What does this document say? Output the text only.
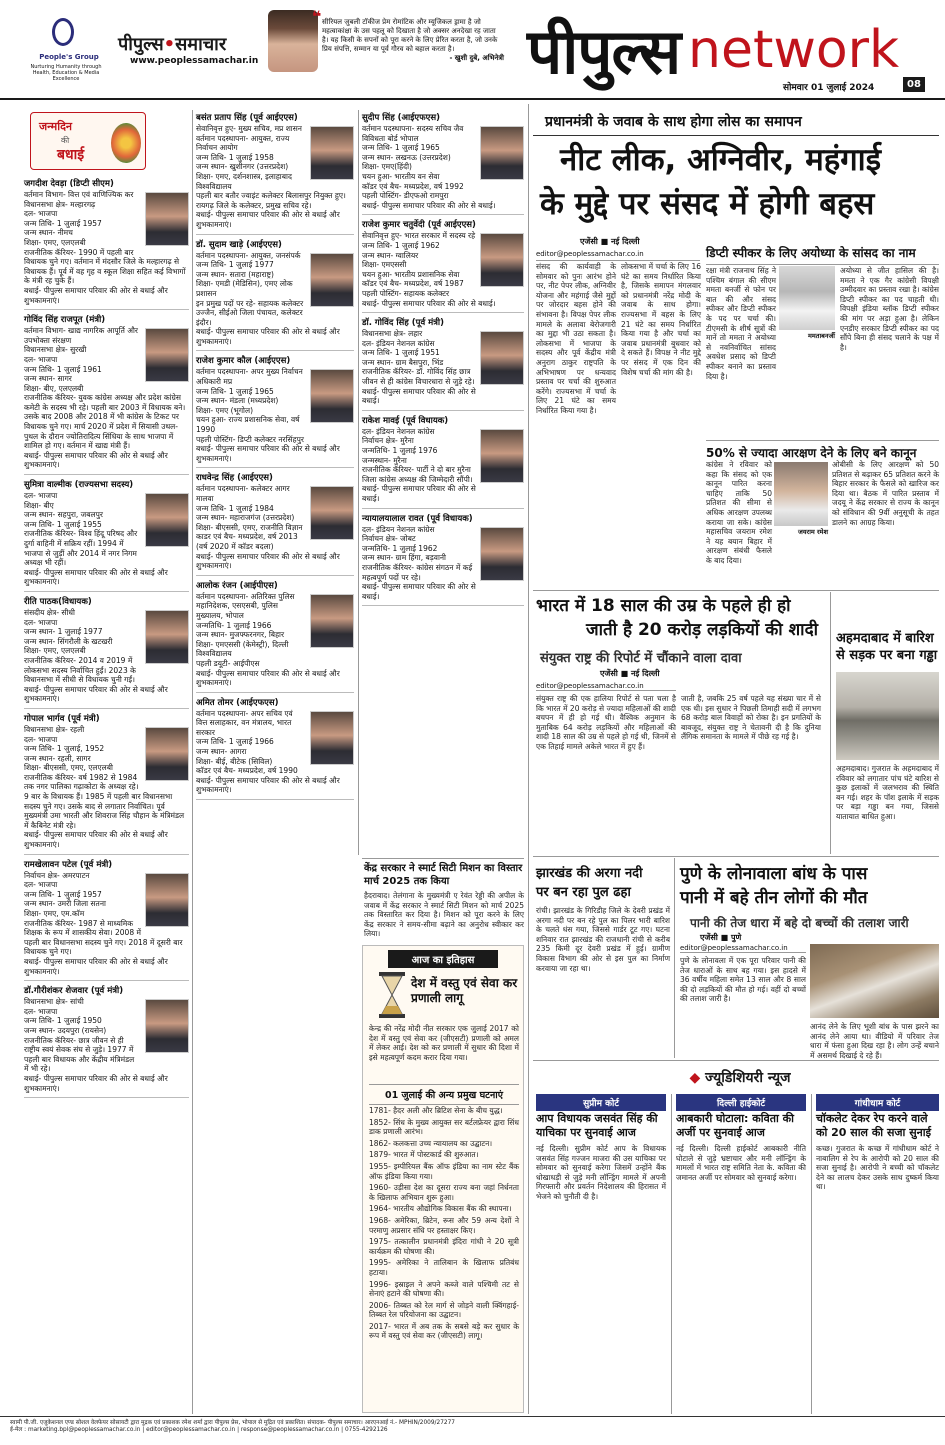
People's Group
Nurturing Humanity through Health, Education & Media Excellence
पीपुल्स•समाचार
www.peoplessamachar.in
❝ सीरियल जुबली टॉकीज प्रेम रोमांटिक और म्यूजिकल ड्रामा है जो महत्वाकांक्षा के उस पहलू को दिखाता है जो अक्सर अनदेखा रह जाता है। यह किसी के सपनों को पूरा करने के लिए प्रेरित करता है, जो उनके प्रिय संपत्ति, सम्मान या पूर्व गौरव को बहाल करता है।
- खुशी दुबे, अभिनेत्री पीपुल्स network
सोमवार 01 जुलाई 2024	08
जन्मदिन
की
बधाई
जगदीश देवड़ा (डिप्टी सीएम)
वर्तमान विभाग- वित्त एवं वाणिज्यिक कर विधानसभा क्षेत्र- मल्हारगढ़
दल- भाजपा
जन्म तिथि- 1 जुलाई 1957
जन्म स्थान- नीमच
शिक्षा- एमए, एलएलबी
राजनीतिक कॅरियर- 1990 में पहली बार विधायक चुने गए। वर्तमान में मंदसौर जिले के मल्हारगढ़ से विधायक हैं। पूर्व में वह गृह व स्कूल शिक्षा सहित कई विभागों के मंत्री रह चुके हैं।
बधाई- पीपुल्स समाचार परिवार की ओर से बधाई और शुभकामनाएं।
गोविंद सिंह राजपूत (मंत्री)
वर्तमान विभाग- खाद्य नागरिक आपूर्ति और उपभोक्ता संरक्षण
विधानसभा क्षेत्र- सुरखी
दल- भाजपा
जन्म तिथि- 1 जुलाई 1961
जन्म स्थान- सागर
शिक्षा- बीए, एलएलबी
राजनीतिक कॅरियर- युवक कांग्रेस अध्यक्ष और प्रदेश कांग्रेस कमेटी के सदस्य भी रहे। पहली बार 2003 में विधायक बने। उसके बाद 2008 और 2018 में भी कांग्रेस के टिकट पर विधायक चुने गए। मार्च 2020 में प्रदेश में सियासी उथल-पुथल के दौरान ज्योतिरादित्य सिंधिया के साथ भाजपा में शामिल हो गए। वर्तमान में खाद्य मंत्री हैं।
बधाई- पीपुल्स समाचार परिवार की ओर से बधाई और शुभकामनाएं।
सुमित्रा वाल्मीक (राज्यसभा सदस्य)
दल- भाजपा
शिक्षा- बीए
जन्म स्थान- सहपुरा, जबलपुर
जन्म तिथि- 1 जुलाई 1955
राजनीतिक कॅरियर- विश्व हिंदू परिषद और दुर्गा वाहिनी में सक्रिय रहीं। 1994 में भाजपा से जुड़ीं और 2014 में नगर निगम अध्यक्ष भी रहीं।
बधाई- पीपुल्स समाचार परिवार की ओर से बधाई और शुभकामनाएं।
रीति पाठक(विधायक)
संसदीय क्षेत्र- सीधी
दल- भाजपा
जन्म स्थान- 1 जुलाई 1977
जन्म स्थान- सिंगरौली के खटखरी
शिक्षा- एमए, एलएलबी
राजनीतिक कॅरियर- 2014 व 2019 में लोकसभा सदस्य निर्वाचित हुईं। 2023 के विधानसभा में सीधी से विधायक चुनी गईं।
बधाई- पीपुल्स समाचार परिवार की ओर से बधाई और शुभकामनाएं।
गोपाल भार्गव (पूर्व मंत्री)
विधानसभा क्षेत्र- रहली
दल- भाजपा
जन्म तिथि- 1 जुलाई, 1952
जन्म स्थान- रहली, सागर
शिक्षा- बीएससी, एमए, एलएलबी
राजनीतिक कॅरियर- वर्ष 1982 से 1984 तक नगर पालिका गढ़ाकोटा के अध्यक्ष रहे। 9 बार के विधायक हैं। 1985 में पहली बार विधानसभा सदस्य चुने गए। उसके बाद से लगातार निर्वाचित। पूर्व मुख्यमंत्री उमा भारती और शिवराज सिंह चौहान के मंत्रिमंडल में कैबिनेट मंत्री रहे।
बधाई- पीपुल्स समाचार परिवार की ओर से बधाई और शुभकामनाएं।
रामखेलावन पटेल (पूर्व मंत्री)
निर्वाचन क्षेत्र- अमरपाटन
दल- भाजपा
जन्म तिथि- 1 जुलाई 1957
जन्म स्थान- उमरी जिला सतना
शिक्षा- एमए, एम.कॉम
राजनीतिक कॅरियर- 1987 से माध्यमिक शिक्षक के रूप में शासकीय सेवा। 2008 में पहली बार विधानसभा सदस्य चुने गए। 2018 में दूसरी बार विधायक चुने गए।
बधाई- पीपुल्स समाचार परिवार की ओर से बधाई और शुभकामनाएं।
डॉ.गौरीशंकर शेजवार (पूर्व मंत्री)
विधानसभा क्षेत्र- सांची
दल- भाजपा
जन्म तिथि- 1 जुलाई 1950
जन्म स्थान- उदयपुरा (रायसेन)
राजनीतिक कॅरियर- छात्र जीवन से ही राष्ट्रीय स्वयं सेवक संघ से जुड़े। 1977 में पहली बार विधायक और केंद्रीय मंत्रिमंडल में भी रहे।
बधाई- पीपुल्स समाचार परिवार की ओर से बधाई और शुभकामनाएं।
बसंत प्रताप सिंह (पूर्व आईएएस)
सेवानिवृत्त हुए- मुख्य सचिव, मप्र शासन
वर्तमान पदस्थापना- आयुक्त, राज्य निर्वाचन आयोग
जन्म तिथि- 1 जुलाई 1958
जन्म स्थान- खुशीनगर (उत्तरप्रदेश)
शिक्षा- एमए, दर्शनशास्त्र, इलाहाबाद विश्वविद्यालय
पहली बार बतौर ज्वाइंट कलेक्टर बिलासपुर नियुक्त हुए। रायगढ़ जिले के कलेक्टर, प्रमुख सचिव रहे।
बधाई- पीपुल्स समाचार परिवार की ओर से बधाई और शुभकामनाएं।
डॉ. सुदाम खाड़े (आईएएस)
वर्तमान पदस्थापना- आयुक्त, जनसंपर्क
जन्म तिथि- 1 जुलाई 1977
जन्म स्थान- सतारा (महाराष्ट्र)
शिक्षा- एमडी (मेडिसिन), एमए लोक प्रशासन
इन प्रमुख पदों पर रहे- सहायक कलेक्टर उज्जैन, सीईओ जिला पंचायत, कलेक्टर इंदौर।
बधाई- पीपुल्स समाचार परिवार की ओर से बधाई और शुभकामनाएं।
राजेश कुमार कौल (आईएएस)
वर्तमान पदस्थापना- अपर मुख्य निर्वाचन अधिकारी मप्र
जन्म तिथि- 1 जुलाई 1965
जन्म स्थान- मंडला (मध्यप्रदेश)
शिक्षा- एमए (भूगोल)
चयन हुआ- राज्य प्रशासनिक सेवा, वर्ष 1990
पहली पोस्टिंग- डिप्टी कलेक्टर नरसिंहपुर
बधाई- पीपुल्स समाचार परिवार की ओर से बधाई और शुभकामनाएं।
राधवेन्द्र सिंह (आईएएस)
वर्तमान पदस्थापना- कलेक्टर आगर मालवा
जन्म तिथि- 1 जुलाई 1984
जन्म स्थान- महाराजगंज (उत्तरप्रदेश)
शिक्षा- बीएससी, एमए, राजनीति विज्ञान
काडर एवं बैच- मध्यप्रदेश, वर्ष 2013 (वर्ष 2020 में कॉडर बदला)
बधाई- पीपुल्स समाचार परिवार की ओर से बधाई और शुभकामनाएं।
आलोक रंजन (आईपीएस)
वर्तमान पदस्थापना- अतिरिक्त पुलिस महानिदेशक, एसएसबी, पुलिस मुख्यालय, भोपाल
जन्मतिथि- 1 जुलाई 1966
जन्म स्थान- मुजफ्फरनगर, बिहार
शिक्षा- एमएससी (केमेस्ट्री), दिल्ली विश्वविद्यालय
पहली डयूटी- आईपीएस
बधाई- पीपुल्स समाचार परिवार की ओर से बधाई और शुभकामनाएं।
अमित तोमर (आईएफएस)
वर्तमान पदस्थापना- अपर सचिव एवं वित्त सलाहकार, वन मंत्रालय, भारत सरकार
जन्म तिथि- 1 जुलाई 1966
जन्म स्थान- आगरा
शिक्षा- बीई, बीटेक (सिविल)
कॉडर एवं बैच- मध्यप्रदेश, वर्ष 1990
बधाई- पीपुल्स समाचार परिवार की ओर से बधाई और शुभकामनाएं।
सुदीप सिंह (आईएफएस)
वर्तमान पदस्थापना- सदस्य सचिव जैव विविधता बोर्ड भोपाल
जन्म तिथि- 1 जुलाई 1965
जन्म स्थान- लखनऊ (उत्तरप्रदेश)
शिक्षा- एमए(हिंदी)
चयन हुआ- भारतीय वन सेवा
कॉडर एवं बैच- मध्यप्रदेश, वर्ष 1992
पहली पोस्टिंग- डीएफओ रामपुरा
बधाई- पीपुल्स समाचार परिवार की ओर से बधाई।
राजेश कुमार चतुर्वेदी (पूर्व आईएएस)
सेवानिवृत्त हुए- भारत सरकार में सदस्य रहे
जन्म तिथि- 1 जुलाई 1962
जन्म स्थान- ग्वालियर
शिक्षा- एमएससी
चयन हुआ- भारतीय प्रशासनिक सेवा
कॉडर एवं बैच- मध्यप्रदेश, वर्ष 1987
पहली पोस्टिंग- सहायक कलेक्टर
बधाई- पीपुल्स समाचार परिवार की ओर से बधाई।
डॉ. गोविंद सिंह (पूर्व मंत्री)
विधानसभा क्षेत्र- लहार
दल- इंडियन नेशनल कांग्रेस
जन्म तिथि- 1 जुलाई 1951
जन्म स्थान- ग्राम बैसपुरा, भिंड
राजनीतिक कॅरियर- डॉ. गोविंद सिंह छात्र जीवन से ही कांग्रेस विचारधारा से जुड़े रहे।
बधाई- पीपुल्स समाचार परिवार की ओर से बधाई।
राकेश मावई (पूर्व विधायक)
दल- इंडियन नेशनल कांग्रेस
निर्वाचन क्षेत्र- मुरैना
जन्मतिथि- 1 जुलाई 1976
जन्मस्थान- मुरैना
राजनीतिक कॅरियर- पार्टी ने दो बार मुरैना जिला कांग्रेस अध्यक्ष की जिम्मेदारी सौंपी।
बधाई- पीपुल्स समाचार परिवार की ओर से बधाई।
न्यायालयालाल रावत (पूर्व विधायक)
दल- इंडियन नेशनल कांग्रेस
निर्वाचन क्षेत्र- जोबट
जन्मतिथि- 1 जुलाई 1962
जन्म स्थान- ग्राम हिंगा, बड़वानी
राजनीतिक कॅरियर- कांग्रेस संगठन में कई महत्वपूर्ण पदों पर रहे।
बधाई- पीपुल्स समाचार परिवार की ओर से बधाई।
केंद्र सरकार ने स्मार्ट सिटी मिशन का विस्तार मार्च 2025 तक किया
हैदराबाद। तेलंगाना के मुख्यमंत्री ए रेवंत रेड्डी की अपील के जवाब में केंद्र सरकार ने स्मार्ट सिटी मिशन को मार्च 2025 तक विस्तारित कर दिया है। मिशन को पूरा करने के लिए केंद्र सरकार ने समय-सीमा बढ़ाने का अनुरोध स्वीकार कर लिया।
आज का इतिहास
देश में वस्तु एवं सेवा कर प्रणाली लागू
केन्द्र की नरेंद्र मोदी नीत सरकार एक जुलाई 2017 को देश में वस्तु एवं सेवा कर (जीएसटी) प्रणाली को अमल में लेकर आई। देश को कर प्रणाली में सुधार की दिशा में इसे महत्वपूर्ण कदम करार दिया गया।
01 जुलाई की अन्य प्रमुख घटनाएं
1781- हैदर अली और ब्रिटिश सेना के बीच युद्ध।
1852- सिंध के मुख्य आयुक्त सर बर्टलफ्रेयर द्वारा सिंध डाक प्रणाली आरंभ।
1862- कलकत्ता उच्च न्यायालय का उद्घाटन।
1879- भारत में पोस्टकार्ड की शुरुआत।
1955- इम्पीरियल बैंक ऑफ इंडिया का नाम स्टेट बैंक ऑफ इंडिया किया गया।
1960- उड़ीसा देश का दूसरा राज्य बना जहां निर्धनता के खिलाफ अभियान शुरू हुआ।
1964- भारतीय औद्योगिक विकास बैंक की स्थापना।
1968- अमेरिका, ब्रिटेन, रूस और 59 अन्य देशों ने परमाणु अप्रसार संधि पर हस्ताक्षर किए।
1975- तत्कालीन प्रधानमंत्री इंदिरा गांधी ने 20 सूत्री कार्यक्रम की घोषणा की।
1995- अमेरिका ने तालिबान के खिलाफ प्रतिबंध हटाया।
1996- इस्राइल ने अपने कब्जे वाले पश्चिमी तट से सेनाएं हटाने की घोषणा की।
2006- तिब्बत को रेल मार्ग से जोड़ने वाली क्विंगहाई-तिब्बत रेल परियोजना का उद्घाटन।
2017- भारत में अब तक के सबसे बड़े कर सुधार के रूप में वस्तु एवं सेवा कर (जीएसटी) लागू।
प्रधानमंत्री के जवाब के साथ होगा लोस का समापन
नीट लीक, अग्निवीर, महंगाई
के मुद्दे पर संसद में होगी बहस
एजेंसी ■ नई दिल्ली
editor@peoplessamachar.co.in
संसद की कार्यवाही के सोमवार को पुनः आरंभ होने पर, नीट पेपर लीक, अग्निवीर योजना और महंगाई जैसे मुद्दों पर जोरदार बहस होने की संभावना है। विपक्ष पेपर लीक मामले के अलावा बेरोजगारी का मुद्दा भी उठा सकता है। लोकसभा में भाजपा के सदस्य और पूर्व केंद्रीय मंत्री अनुराग ठाकुर राष्ट्रपति के अभिभाषण पर धन्यवाद प्रस्ताव पर चर्चा की शुरुआत करेंगे। राज्यसभा में चर्चा के लिए 21 घंटे का समय निर्धारित किया गया है।
लोकसभा में चर्चा के लिए 16 घंटे का समय निर्धारित किया है, जिसके समापन मंगलवार को प्रधानमंत्री नरेंद्र मोदी के जवाब के साथ होगा। राज्यसभा में बहस के लिए 21 घंटे का समय निर्धारित किया गया है और चर्चा का जवाब प्रधानमंत्री बुधवार को दे सकते हैं। विपक्ष ने नीट मुद्दे पर संसद में एक दिन की विशेष चर्चा की मांग की है।
डिप्टी स्पीकर के लिए अयोध्या के सांसद का नाम
रक्षा मंत्री राजनाथ सिंह ने पश्चिम बंगाल की सीएम ममता बनर्जी से फोन पर बात की और संसद स्पीकर और डिप्टी स्पीकर के पद पर चर्चा की। टीएमसी के शीर्ष सूत्रों की मानें तो ममता ने अयोध्या से नवनिर्वाचित सांसद अवधेश प्रसाद को डिप्टी स्पीकर बनाने का प्रस्ताव दिया है।
ममताबनर्जी
अयोध्या से जीत हासिल की है। ममता ने एक गैर कांग्रेसी विपक्षी उम्मीदवार का प्रस्ताव रखा है। कांग्रेस डिप्टी स्पीकर का पद चाहती थी। विपक्षी इंडिया ब्लॉक डिप्टी स्पीकर की मांग पर अड़ा हुआ है। लेकिन एनडीए सरकार डिप्टी स्पीकर का पद सौंपे बिना ही संसद चलाने के पक्ष में है।
50% से ज्यादा आरक्षण देने के लिए बने कानून
कांग्रेस ने रविवार को कहा कि संसद को एक कानून पारित करना चाहिए ताकि 50 प्रतिशत की सीमा से अधिक आरक्षण उपलब्ध कराया जा सके। कांग्रेस महासचिव जयराम रमेश ने यह बयान बिहार में आरक्षण संबंधी फैसले के बाद दिया।
जयराम रमेश
ओबीसी के लिए आरक्षण को 50 प्रतिशत से बढ़ाकर 65 प्रतिशत करने के बिहार सरकार के फैसले को खारिज कर दिया था। बैठक में पारित प्रस्ताव में जदयू ने केंद्र सरकार से राज्य के कानून को संविधान की 9वीं अनुसूची के तहत डालने का आग्रह किया।
भारत में 18 साल की उम्र के पहले ही हो
जाती है 20 करोड़ लड़कियों की शादी
संयुक्त राष्ट्र की रिपोर्ट में चौंकाने वाला दावा
एजेंसी ■ नई दिल्ली
editor@peoplessamachar.co.in
संयुक्त राष्ट्र की एक हालिया रिपोर्ट से पता चला है कि भारत में 20 करोड़ से ज्यादा महिलाओं की शादी बचपन में ही हो गई थी। वैश्विक अनुमान के मुताबिक 64 करोड़ लड़कियों और महिलाओं की शादी 18 साल की उम्र से पहले हो गई थी, जिनमें से एक तिहाई मामले अकेले भारत में हुए हैं।
जाती है, जबकि 25 वर्ष पहले यह संख्या चार में से एक थी। इस सुधार ने पिछली तिमाही सदी में लगभग 68 करोड़ बाल विवाहों को रोका है। इन प्रगतियों के बावजूद, संयुक्त राष्ट्र ने चेतावनी दी है कि दुनिया लैंगिक समानता के मामले में पीछे रह गई है।
अहमदाबाद में बारिश
से सड़क पर बना गड्ढा
अहमदाबाद। गुजरात के अहमदाबाद में रविवार को लगातार पांच घंटे बारिश से कुछ इलाकों में जलभराव की स्थिति बन गई। शहर के पॉश इलाके में सड़क पर बड़ा गड्ढा बन गया, जिससे यातायात बाधित हुआ।
झारखंड की अरगा नदी
पर बन रहा पुल ढहा
रांची। झारखंड के गिरिडीह जिले के देवरी प्रखंड में अरगा नदी पर बन रहे पुल का पिलर भारी बारिश के चलते धंस गया, जिससे गार्डर टूट गए। घटना शनिवार रात झारखंड की राजधानी रांची से करीब 235 किमी दूर देवरी प्रखंड में हुई। ग्रामीण विकास विभाग की ओर से इस पुल का निर्माण करवाया जा रहा था।
पुणे के लोनावाला बांध के पास
पानी में बहे तीन लोगों की मौत
पानी की तेज धारा में बहे दो बच्चों की तलाश जारी
एजेंसी ■ पुणे
editor@peoplessamachar.co.in
पुणे के लोनावला में एक पूरा परिवार पानी की तेज धाराओं के साथ बह गया। इस हादसे में 36 वर्षीय महिला समेत 13 साल और 8 साल की दो लड़कियों की मौत हो गई। वहीं दो बच्चों की तलाश जारी है।
आनंद लेने के लिए भूशी बांध के पास झरने का आनंद लेने आया था। वीडियो में परिवार तेज धारा में फंसा हुआ दिख रहा है। लोग उन्हें बचाने में असमर्थ दिखाई दे रहे हैं।
◆ ज्यूडिशियरी न्यूज
सुप्रीम कोर्ट
आप विधायक जसवंत सिंह की याचिका पर सुनवाई आज
नई दिल्ली। सुप्रीम कोर्ट आप के विधायक जसवंत सिंह गज्जन माजरा की उस याचिका पर सोमवार को सुनवाई करेगा जिसमें उन्होंने बैंक धोखाधड़ी से जुड़े मनी लॉन्ड्रिंग मामले में अपनी गिरफ्तारी और प्रवर्तन निदेशालय की हिरासत में भेजने को चुनौती दी है।
दिल्ली हाईकोर्ट
आबकारी घोटाला: कविता की अर्जी पर सुनवाई आज
नई दिल्ली। दिल्ली हाईकोर्ट आबकारी नीति घोटाले से जुड़े भ्रष्टाचार और मनी लॉन्ड्रिंग के मामलों में भारत राष्ट्र समिति नेता के. कविता की जमानत अर्जी पर सोमवार को सुनवाई करेगा।
गांधीधाम कोर्ट
चॉकलेट देकर रेप करने वाले को 20 साल की सजा सुनाई
कच्छ। गुजरात के कच्छ में गांधीधाम कोर्ट ने नाबालिग से रेप के आरोपी को 20 साल की सजा सुनाई है। आरोपी ने बच्ची को चॉकलेट देने का लालच देकर उसके साथ दुष्कर्म किया था।
स्वामी पी.जी. एजुकेशनल एण्ड सोशल वेलफेयर सोसायटी द्वारा मुद्रक एवं प्रकाशक रमेश शर्मा द्वारा पीपुल्स प्रेस, भोपाल से मुद्रित एवं प्रकाशित। संपादक- पीपुल्स समाचार। आरएनआई नं.- MPHIN/2009/27277
ई-मेल : marketing.bpl@peoplessamachar.co.in | editor@peoplessamachar.co.in | response@peoplessamachar.co.in | 0755-4292126
